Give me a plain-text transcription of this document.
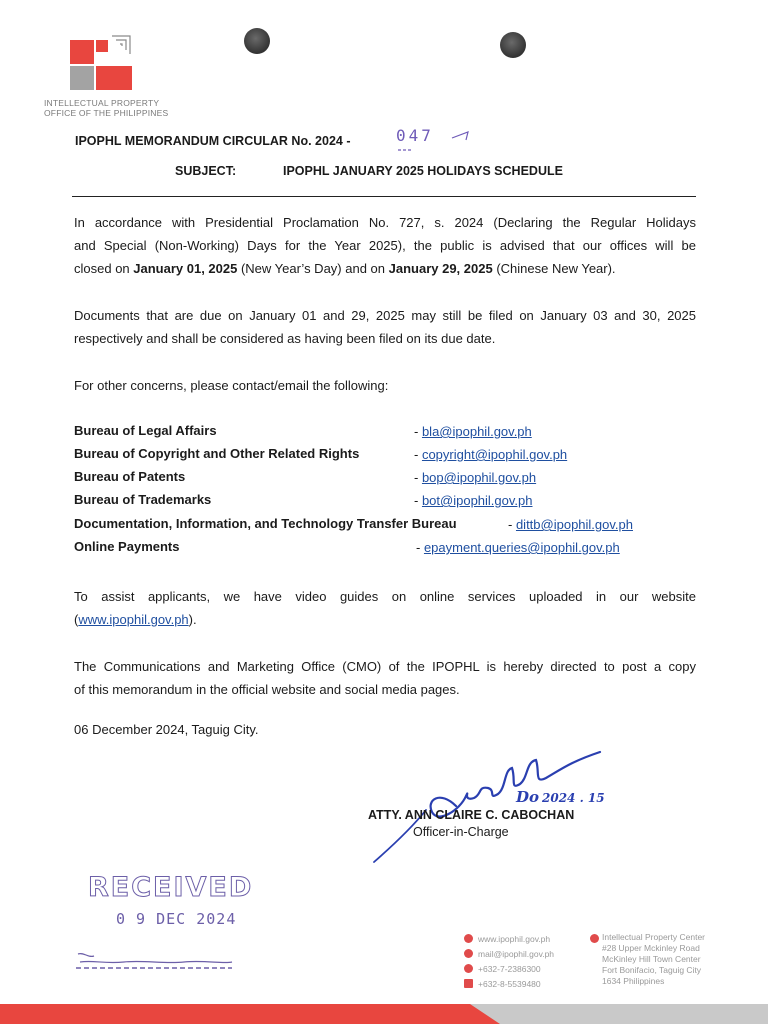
INTELLECTUAL PROPERTY
OFFICE OF THE PHILIPPINES
IPOPHL MEMORANDUM CIRCULAR No. 2024 -	047
SUBJECT:	IPOPHL JANUARY 2025 HOLIDAYS SCHEDULE
In accordance with Presidential Proclamation No. 727, s. 2024 (Declaring the Regular Holidays
and Special (Non-Working) Days for the Year 2025), the public is advised that our offices will be
closed on January 01, 2025 (New Year’s Day) and on January 29, 2025 (Chinese New Year).
Documents that are due on January 01 and 29, 2025 may still be filed on January 03 and 30, 2025
respectively and shall be considered as having been filed on its due date.
For other concerns, please contact/email the following:
Bureau of Legal Affairs	- bla@ipophil.gov.ph
Bureau of Copyright and Other Related Rights	- copyright@ipophil.gov.ph
Bureau of Patents	- bop@ipophil.gov.ph
Bureau of Trademarks	- bot@ipophil.gov.ph
Documentation, Information, and Technology Transfer Bureau	- dittb@ipophil.gov.ph
Online Payments	- epayment.queries@ipophil.gov.ph
To assist applicants, we have video guides on online services uploaded in our website
(www.ipophil.gov.ph).
The Communications and Marketing Office (CMO) of the IPOPHL is hereby directed to post a copy
of this memorandum in the official website and social media pages.
06 December 2024, Taguig City.
Do 2024 . 15
ATTY. ANN CLAIRE C. CABOCHAN
Officer-in-Charge
RECEIVED
0 9 DEC 2024
www.ipophil.gov.ph
mail@ipophil.gov.ph
+632-7-2386300
+632-8-5539480
Intellectual Property Center
#28 Upper Mckinley Road
McKinley Hill Town Center
Fort Bonifacio, Taguig City
1634 Philippines
